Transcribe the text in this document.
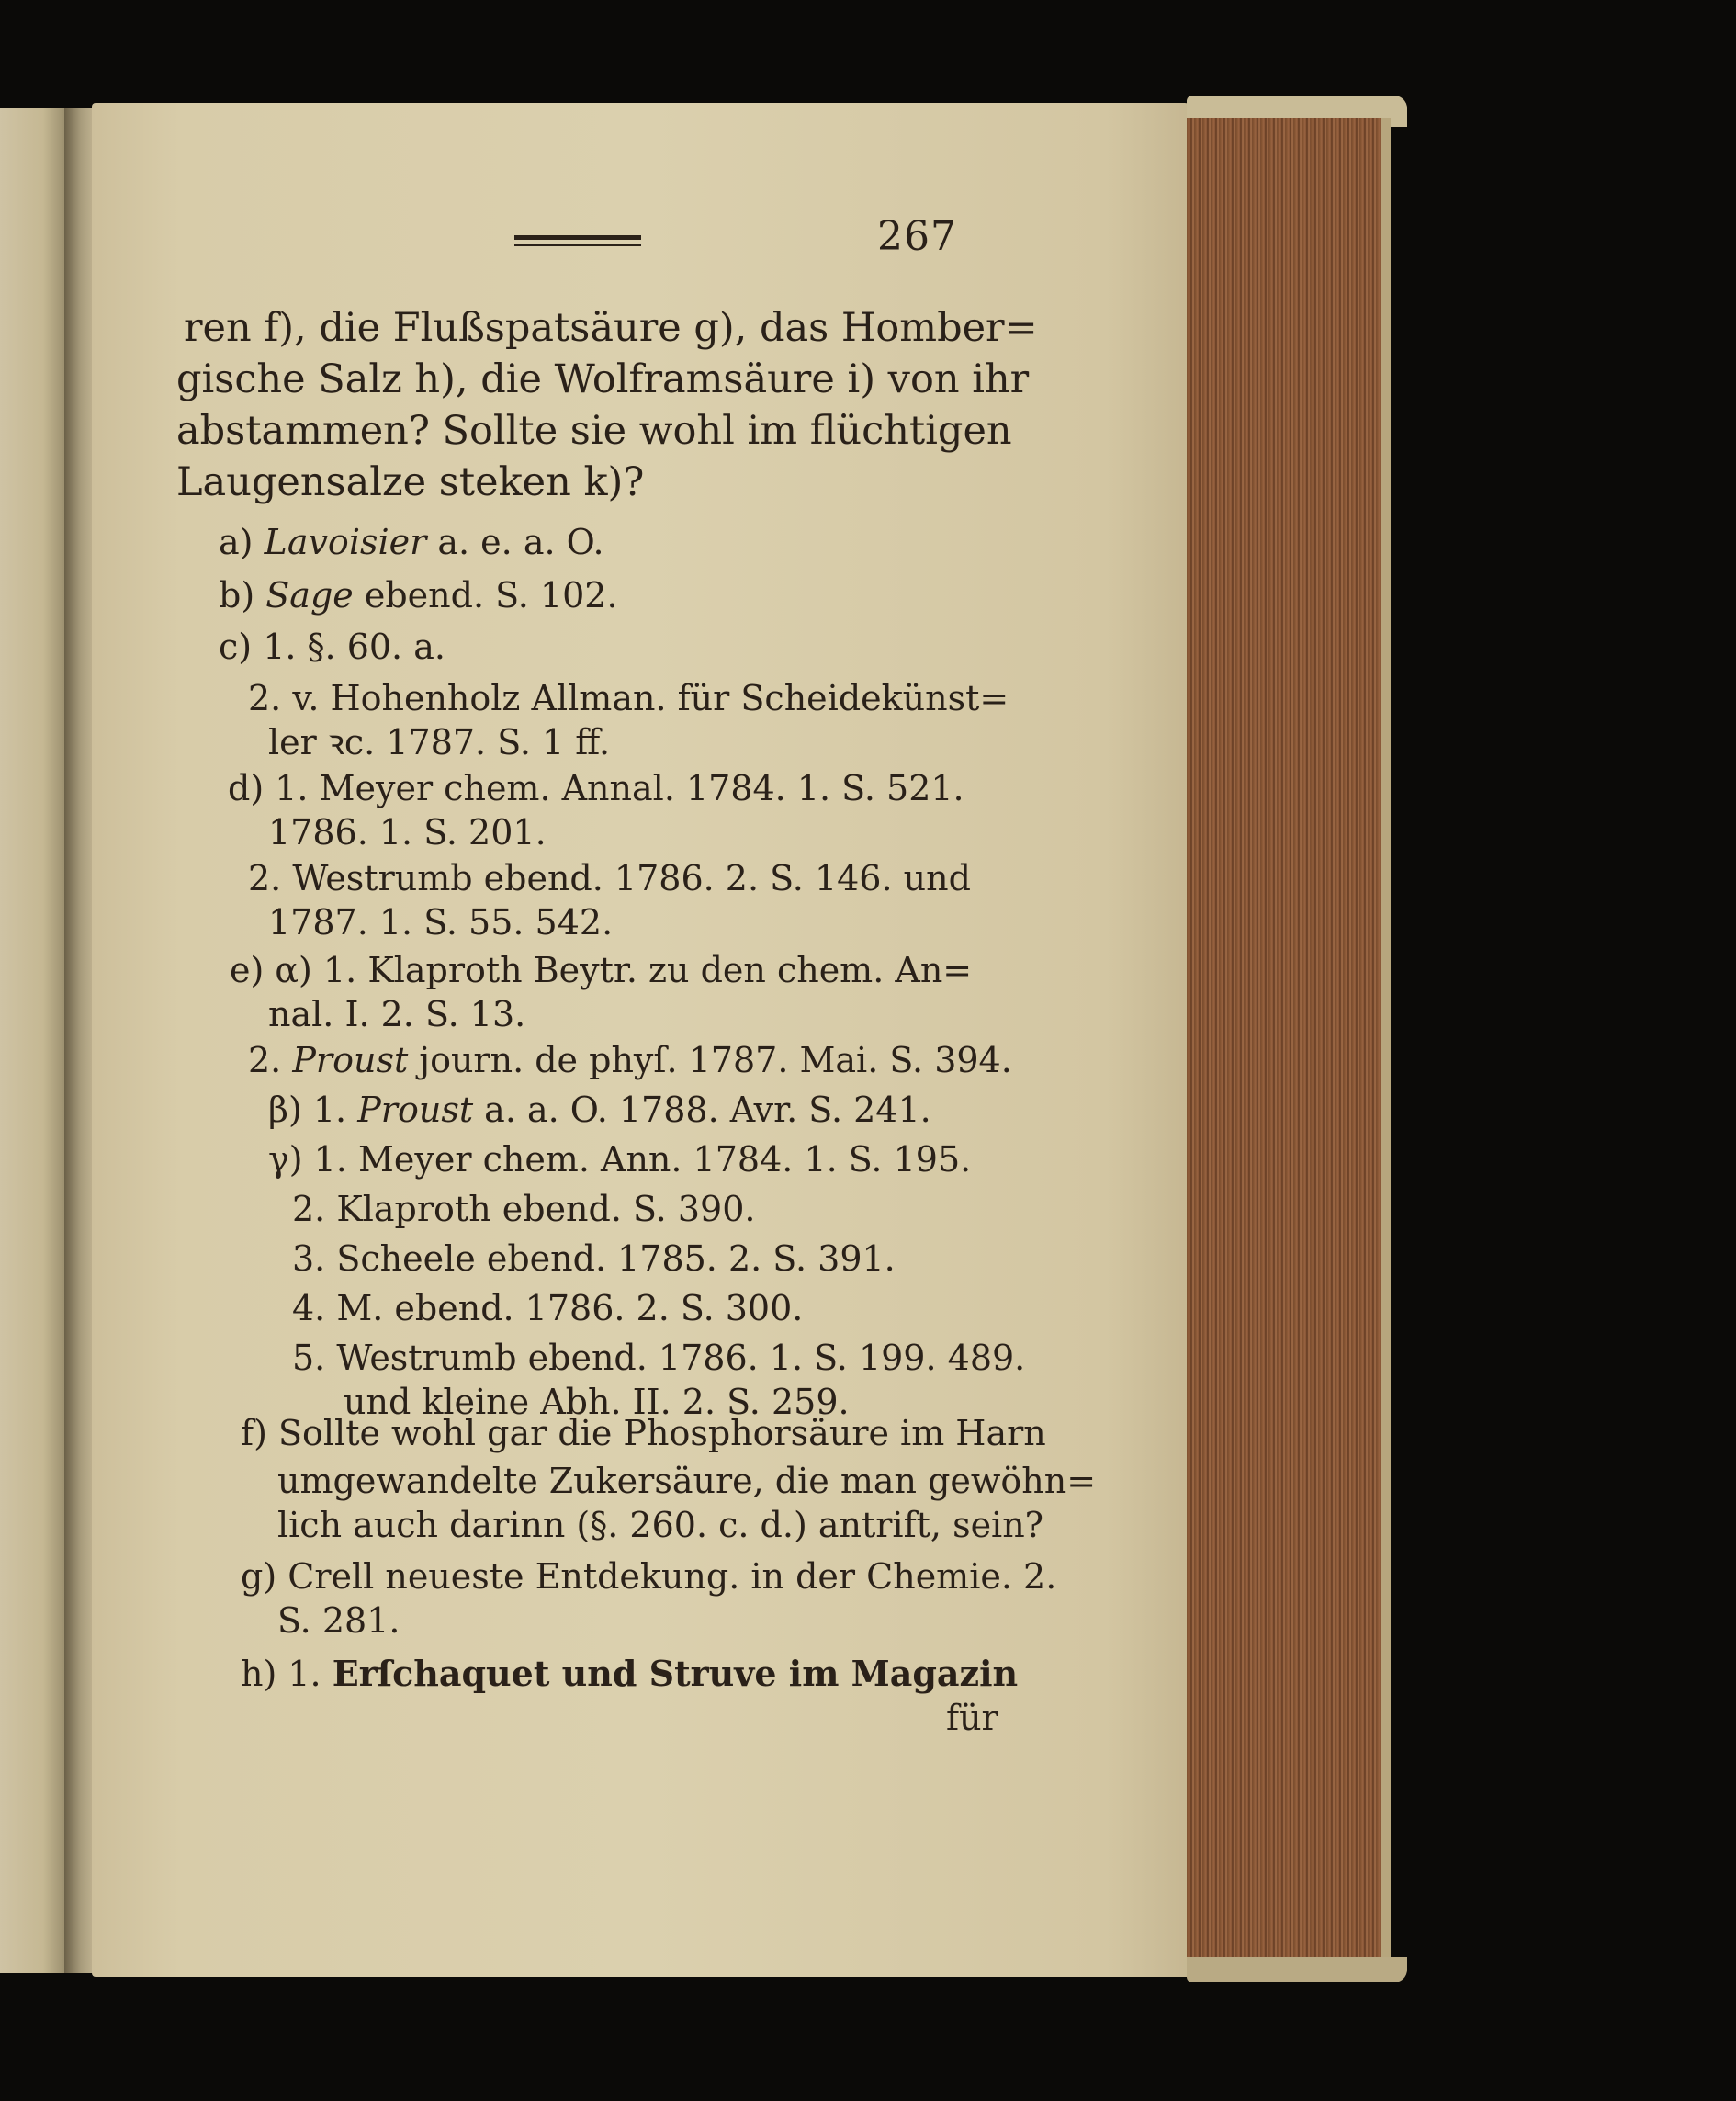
267
ren f), die Flußspatsäure g), das Homber=
gische Salz h), die Wolframsäure i) von ihr
abstammen? Sollte sie wohl im flüchtigen
Laugensalze steken k)?
a) Lavoisier a. e. a. O.
b) Sage ebend. S. 102.
c) 1. §. 60. a.
2. v. Hohenholz Allman. für Scheidekünst=
ler ꝛc. 1787. S. 1 ff.
d) 1. Meyer chem. Annal. 1784. 1. S. 521.
1786. 1. S. 201.
2. Westrumb ebend. 1786. 2. S. 146. und
1787. 1. S. 55. 542.
e) α) 1. Klaproth Beytr. zu den chem. An=
nal. I. 2. S. 13.
2. Proust journ. de phyſ. 1787. Mai. S. 394.
β) 1. Proust a. a. O. 1788. Avr. S. 241.
γ) 1. Meyer chem. Ann. 1784. 1. S. 195.
2. Klaproth ebend. S. 390.
3. Scheele ebend. 1785. 2. S. 391.
4. M. ebend. 1786. 2. S. 300.
5. Westrumb ebend. 1786. 1. S. 199. 489.
und kleine Abh. II. 2. S. 259.
f) Sollte wohl gar die Phosphorsäure im Harn
umgewandelte Zukersäure, die man gewöhn=
lich auch darinn (§. 260. c. d.) antrift, sein?
g) Crell neueste Entdekung. in der Chemie. 2.
S. 281.
h) 1. Erſchaquet und Struve im Magazin
für
